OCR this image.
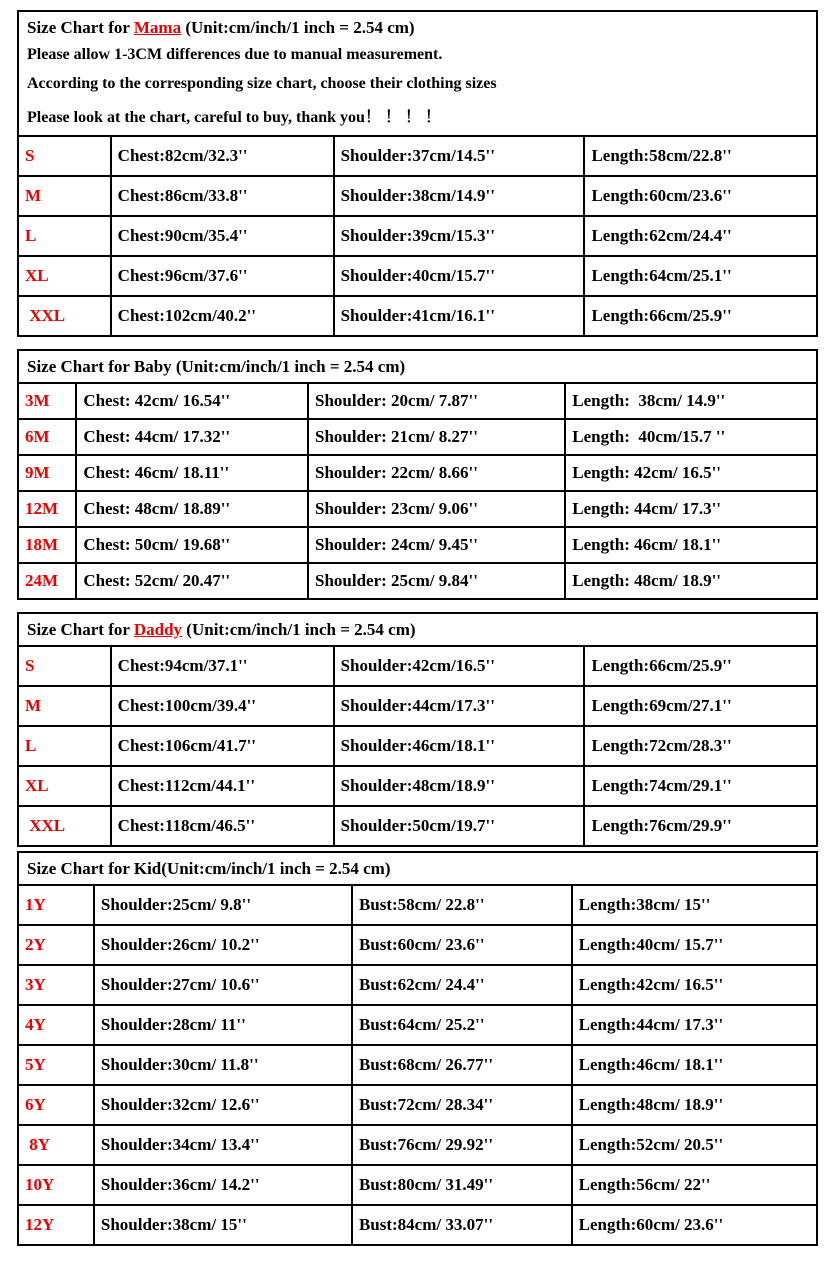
Size Chart for Mama (Unit:cm/inch/1 inch = 2.54 cm)			
Please allow 1-3CM differences due to manual measurement.			
According to the corresponding size chart, choose their clothing sizes			
Please look at the chart, careful to buy, thank you！ ！ ！ ！			
S	Chest:82cm/32.3''	Shoulder:37cm/14.5''	Length:58cm/22.8''
M	Chest:86cm/33.8''	Shoulder:38cm/14.9''	Length:60cm/23.6''
L	Chest:90cm/35.4''	Shoulder:39cm/15.3''	Length:62cm/24.4''
XL	Chest:96cm/37.6''	Shoulder:40cm/15.7''	Length:64cm/25.1''
XXL	Chest:102cm/40.2''	Shoulder:41cm/16.1''	Length:66cm/25.9''
Size Chart for Baby (Unit:cm/inch/1 inch = 2.54 cm)			
3M	Chest: 42cm/ 16.54''	Shoulder: 20cm/ 7.87''	Length:  38cm/ 14.9''
6M	Chest: 44cm/ 17.32''	Shoulder: 21cm/ 8.27''	Length:  40cm/15.7 ''
9M	Chest: 46cm/ 18.11''	Shoulder: 22cm/ 8.66''	Length: 42cm/ 16.5''
12M	Chest: 48cm/ 18.89''	Shoulder: 23cm/ 9.06''	Length: 44cm/ 17.3''
18M	Chest: 50cm/ 19.68''	Shoulder: 24cm/ 9.45''	Length: 46cm/ 18.1''
24M	Chest: 52cm/ 20.47''	Shoulder: 25cm/ 9.84''	Length: 48cm/ 18.9''
Size Chart for Daddy (Unit:cm/inch/1 inch = 2.54 cm)			
S	Chest:94cm/37.1''	Shoulder:42cm/16.5''	Length:66cm/25.9''
M	Chest:100cm/39.4''	Shoulder:44cm/17.3''	Length:69cm/27.1''
L	Chest:106cm/41.7''	Shoulder:46cm/18.1''	Length:72cm/28.3''
XL	Chest:112cm/44.1''	Shoulder:48cm/18.9''	Length:74cm/29.1''
XXL	Chest:118cm/46.5''	Shoulder:50cm/19.7''	Length:76cm/29.9''
Size Chart for Kid(Unit:cm/inch/1 inch = 2.54 cm)			
1Y	Shoulder:25cm/ 9.8''	Bust:58cm/ 22.8''	Length:38cm/ 15''
2Y	Shoulder:26cm/ 10.2''	Bust:60cm/ 23.6''	Length:40cm/ 15.7''
3Y	Shoulder:27cm/ 10.6''	Bust:62cm/ 24.4''	Length:42cm/ 16.5''
4Y	Shoulder:28cm/ 11''	Bust:64cm/ 25.2''	Length:44cm/ 17.3''
5Y	Shoulder:30cm/ 11.8''	Bust:68cm/ 26.77''	Length:46cm/ 18.1''
6Y	Shoulder:32cm/ 12.6''	Bust:72cm/ 28.34''	Length:48cm/ 18.9''
8Y	Shoulder:34cm/ 13.4''	Bust:76cm/ 29.92''	Length:52cm/ 20.5''
10Y	Shoulder:36cm/ 14.2''	Bust:80cm/ 31.49''	Length:56cm/ 22''
12Y	Shoulder:38cm/ 15''	Bust:84cm/ 33.07''	Length:60cm/ 23.6''
